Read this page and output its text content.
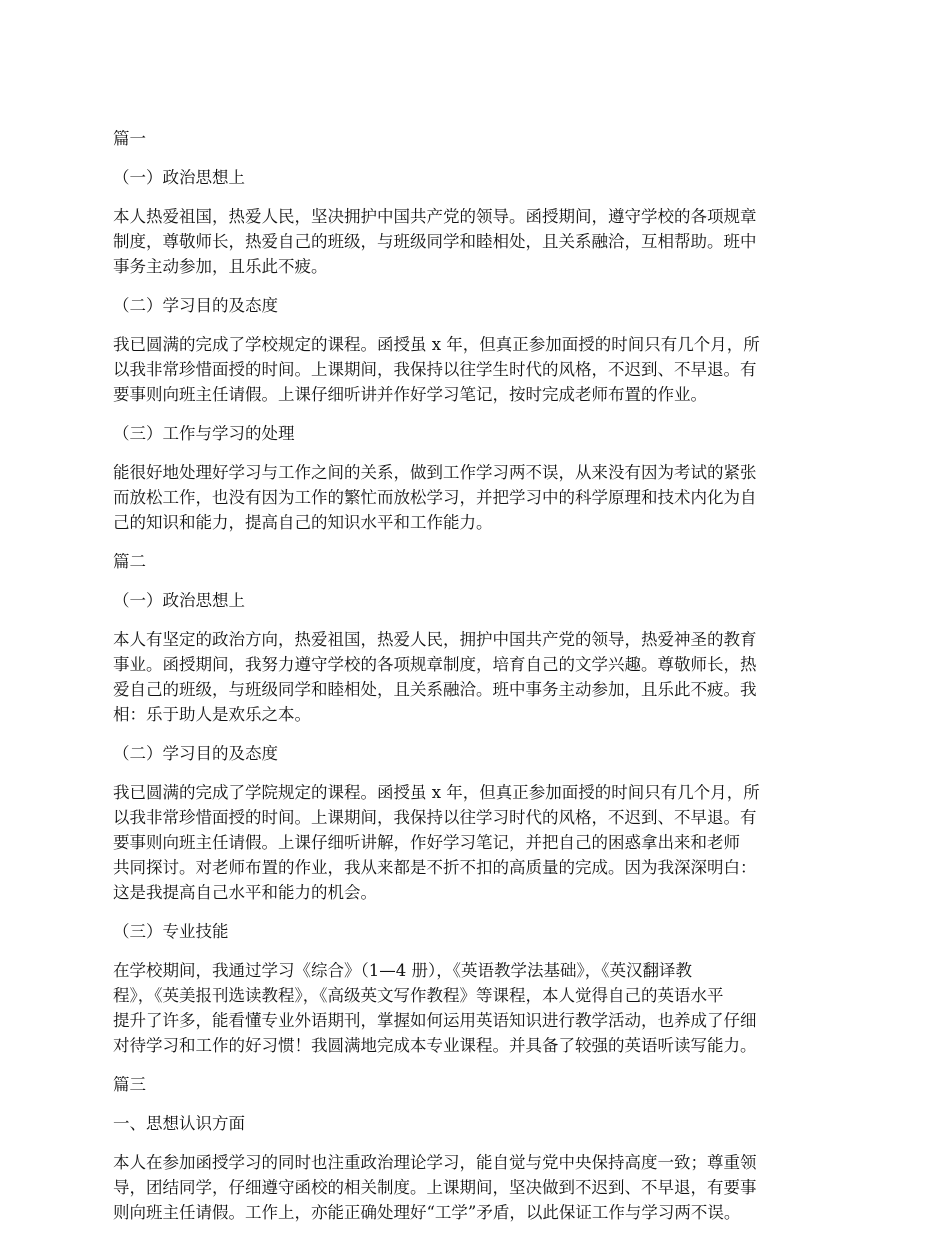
篇一

（一）政治思想上

本人热爱祖国，热爱人民，坚决拥护中国共产党的领导。函授期间，遵守学校的各项规章

制度，尊敬师长，热爱自己的班级，与班级同学和睦相处，且关系融洽，互相帮助。班中

事务主动参加，且乐此不疲。

（二）学习目的及态度

我已圆满的完成了学校规定的课程。函授虽 x 年，但真正参加面授的时间只有几个月，所

以我非常珍惜面授的时间。上课期间，我保持以往学生时代的风格，不迟到、不早退。有

要事则向班主任请假。上课仔细听讲并作好学习笔记，按时完成老师布置的作业。

（三）工作与学习的处理

能很好地处理好学习与工作之间的关系，做到工作学习两不误，从来没有因为考试的紧张

而放松工作，也没有因为工作的繁忙而放松学习，并把学习中的科学原理和技术内化为自

己的知识和能力，提高自己的知识水平和工作能力。

篇二

（一）政治思想上

本人有坚定的政治方向，热爱祖国，热爱人民，拥护中国共产党的领导，热爱神圣的教育

事业。函授期间，我努力遵守学校的各项规章制度，培育自己的文学兴趣。尊敬师长，热

爱自己的班级，与班级同学和睦相处，且关系融洽。班中事务主动参加，且乐此不疲。我

相：乐于助人是欢乐之本。

（二）学习目的及态度

我已圆满的完成了学院规定的课程。函授虽 x 年，但真正参加面授的时间只有几个月，所

以我非常珍惜面授的时间。上课期间，我保持以往学习时代的风格，不迟到、不早退。有

要事则向班主任请假。上课仔细听讲解，作好学习笔记，并把自己的困惑拿出来和老师

共同探讨。对老师布置的作业，我从来都是不折不扣的高质量的完成。因为我深深明白：

这是我提高自己水平和能力的机会。

（三）专业技能

在学校期间，我通过学习《综合》（1—4 册），《英语教学法基础》，《英汉翻译教

程》，《英美报刊选读教程》，《高级英文写作教程》等课程，本人觉得自己的英语水平

提升了许多，能看懂专业外语期刊，掌握如何运用英语知识进行教学活动，也养成了仔细

对待学习和工作的好习惯！我圆满地完成本专业课程。并具备了较强的英语听读写能力。

篇三

一、思想认识方面

本人在参加函授学习的同时也注重政治理论学习，能自觉与党中央保持高度一致；尊重领

导，团结同学，仔细遵守函校的相关制度。上课期间，坚决做到不迟到、不早退，有要事

则向班主任请假。工作上，亦能正确处理好“工学”矛盾，以此保证工作与学习两不误。
